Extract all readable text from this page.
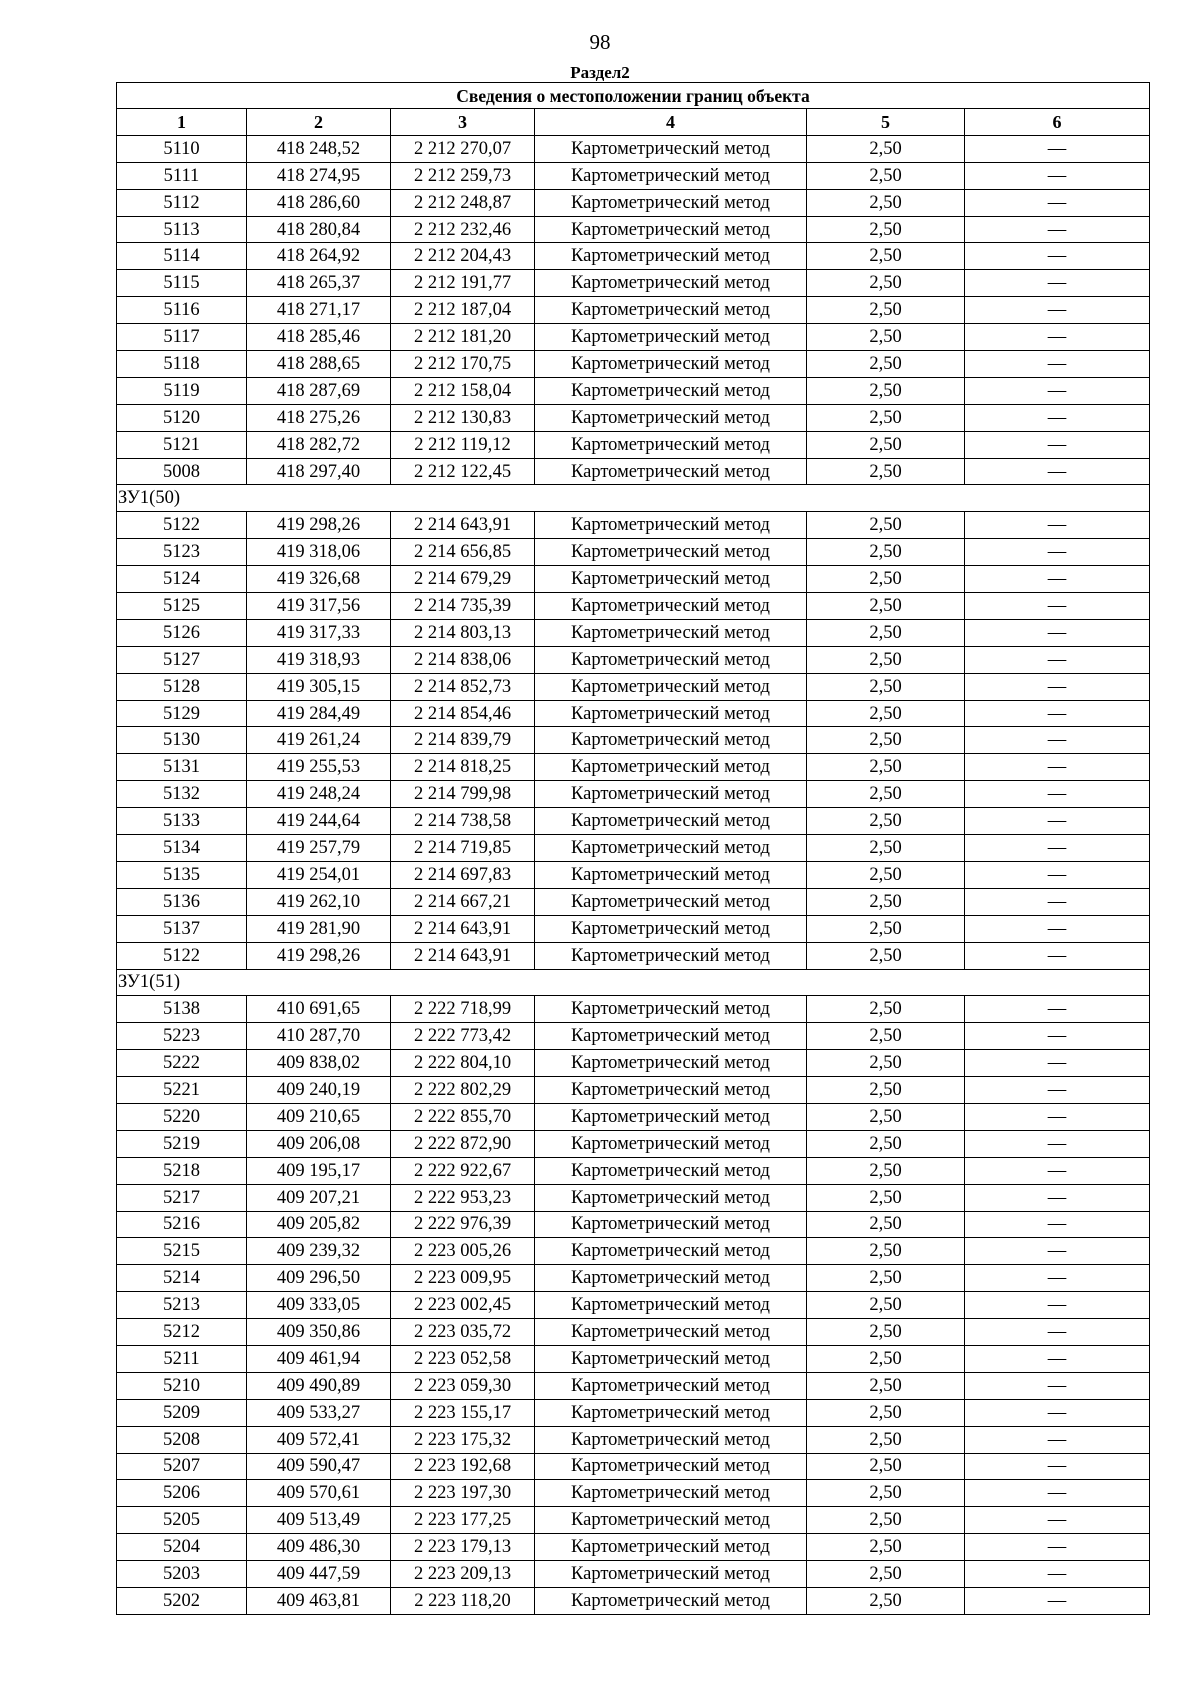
98
Раздел2
Сведения о местоположении границ объекта					
1	2	3	4	5	6
5110	418 248,52	2 212 270,07	Картометрический метод	2,50	—
5111	418 274,95	2 212 259,73	Картометрический метод	2,50	—
5112	418 286,60	2 212 248,87	Картометрический метод	2,50	—
5113	418 280,84	2 212 232,46	Картометрический метод	2,50	—
5114	418 264,92	2 212 204,43	Картометрический метод	2,50	—
5115	418 265,37	2 212 191,77	Картометрический метод	2,50	—
5116	418 271,17	2 212 187,04	Картометрический метод	2,50	—
5117	418 285,46	2 212 181,20	Картометрический метод	2,50	—
5118	418 288,65	2 212 170,75	Картометрический метод	2,50	—
5119	418 287,69	2 212 158,04	Картометрический метод	2,50	—
5120	418 275,26	2 212 130,83	Картометрический метод	2,50	—
5121	418 282,72	2 212 119,12	Картометрический метод	2,50	—
5008	418 297,40	2 212 122,45	Картометрический метод	2,50	—
ЗУ1(50)					
5122	419 298,26	2 214 643,91	Картометрический метод	2,50	—
5123	419 318,06	2 214 656,85	Картометрический метод	2,50	—
5124	419 326,68	2 214 679,29	Картометрический метод	2,50	—
5125	419 317,56	2 214 735,39	Картометрический метод	2,50	—
5126	419 317,33	2 214 803,13	Картометрический метод	2,50	—
5127	419 318,93	2 214 838,06	Картометрический метод	2,50	—
5128	419 305,15	2 214 852,73	Картометрический метод	2,50	—
5129	419 284,49	2 214 854,46	Картометрический метод	2,50	—
5130	419 261,24	2 214 839,79	Картометрический метод	2,50	—
5131	419 255,53	2 214 818,25	Картометрический метод	2,50	—
5132	419 248,24	2 214 799,98	Картометрический метод	2,50	—
5133	419 244,64	2 214 738,58	Картометрический метод	2,50	—
5134	419 257,79	2 214 719,85	Картометрический метод	2,50	—
5135	419 254,01	2 214 697,83	Картометрический метод	2,50	—
5136	419 262,10	2 214 667,21	Картометрический метод	2,50	—
5137	419 281,90	2 214 643,91	Картометрический метод	2,50	—
5122	419 298,26	2 214 643,91	Картометрический метод	2,50	—
ЗУ1(51)					
5138	410 691,65	2 222 718,99	Картометрический метод	2,50	—
5223	410 287,70	2 222 773,42	Картометрический метод	2,50	—
5222	409 838,02	2 222 804,10	Картометрический метод	2,50	—
5221	409 240,19	2 222 802,29	Картометрический метод	2,50	—
5220	409 210,65	2 222 855,70	Картометрический метод	2,50	—
5219	409 206,08	2 222 872,90	Картометрический метод	2,50	—
5218	409 195,17	2 222 922,67	Картометрический метод	2,50	—
5217	409 207,21	2 222 953,23	Картометрический метод	2,50	—
5216	409 205,82	2 222 976,39	Картометрический метод	2,50	—
5215	409 239,32	2 223 005,26	Картометрический метод	2,50	—
5214	409 296,50	2 223 009,95	Картометрический метод	2,50	—
5213	409 333,05	2 223 002,45	Картометрический метод	2,50	—
5212	409 350,86	2 223 035,72	Картометрический метод	2,50	—
5211	409 461,94	2 223 052,58	Картометрический метод	2,50	—
5210	409 490,89	2 223 059,30	Картометрический метод	2,50	—
5209	409 533,27	2 223 155,17	Картометрический метод	2,50	—
5208	409 572,41	2 223 175,32	Картометрический метод	2,50	—
5207	409 590,47	2 223 192,68	Картометрический метод	2,50	—
5206	409 570,61	2 223 197,30	Картометрический метод	2,50	—
5205	409 513,49	2 223 177,25	Картометрический метод	2,50	—
5204	409 486,30	2 223 179,13	Картометрический метод	2,50	—
5203	409 447,59	2 223 209,13	Картометрический метод	2,50	—
5202	409 463,81	2 223 118,20	Картометрический метод	2,50	—
